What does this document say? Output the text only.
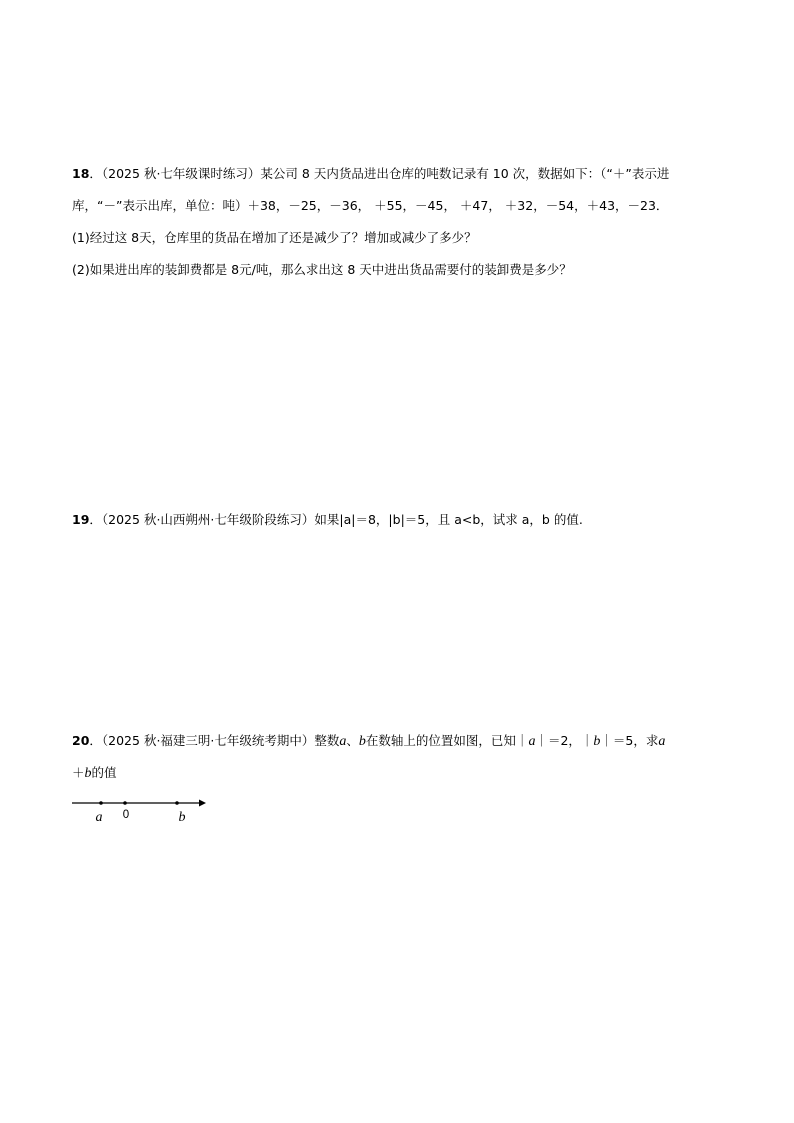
18．（2025 秋·七年级课时练习）某公司 8 天内货品进出仓库的吨数记录有 10 次，数据如下：（“＋”表示进
库，“－”表示出库，单位：吨）＋38，－25，－36， ＋55，－45， ＋47， ＋32，－54，＋43，－23．
(1)经过这 8天，仓库里的货品在增加了还是减少了？增加或减少了多少？
(2)如果进出库的装卸费都是 8元/吨，那么求出这 8 天中进出货品需要付的装卸费是多少？
19．（2025 秋·山西朔州·七年级阶段练习）如果|a|＝8，|b|＝5，且 a<b，试求 a，b 的值.
20．（2025 秋·福建三明·七年级统考期中）整数a、b在数轴上的位置如图，已知｜a｜＝2，｜b｜＝5，求a
＋b的值
a 0	b
